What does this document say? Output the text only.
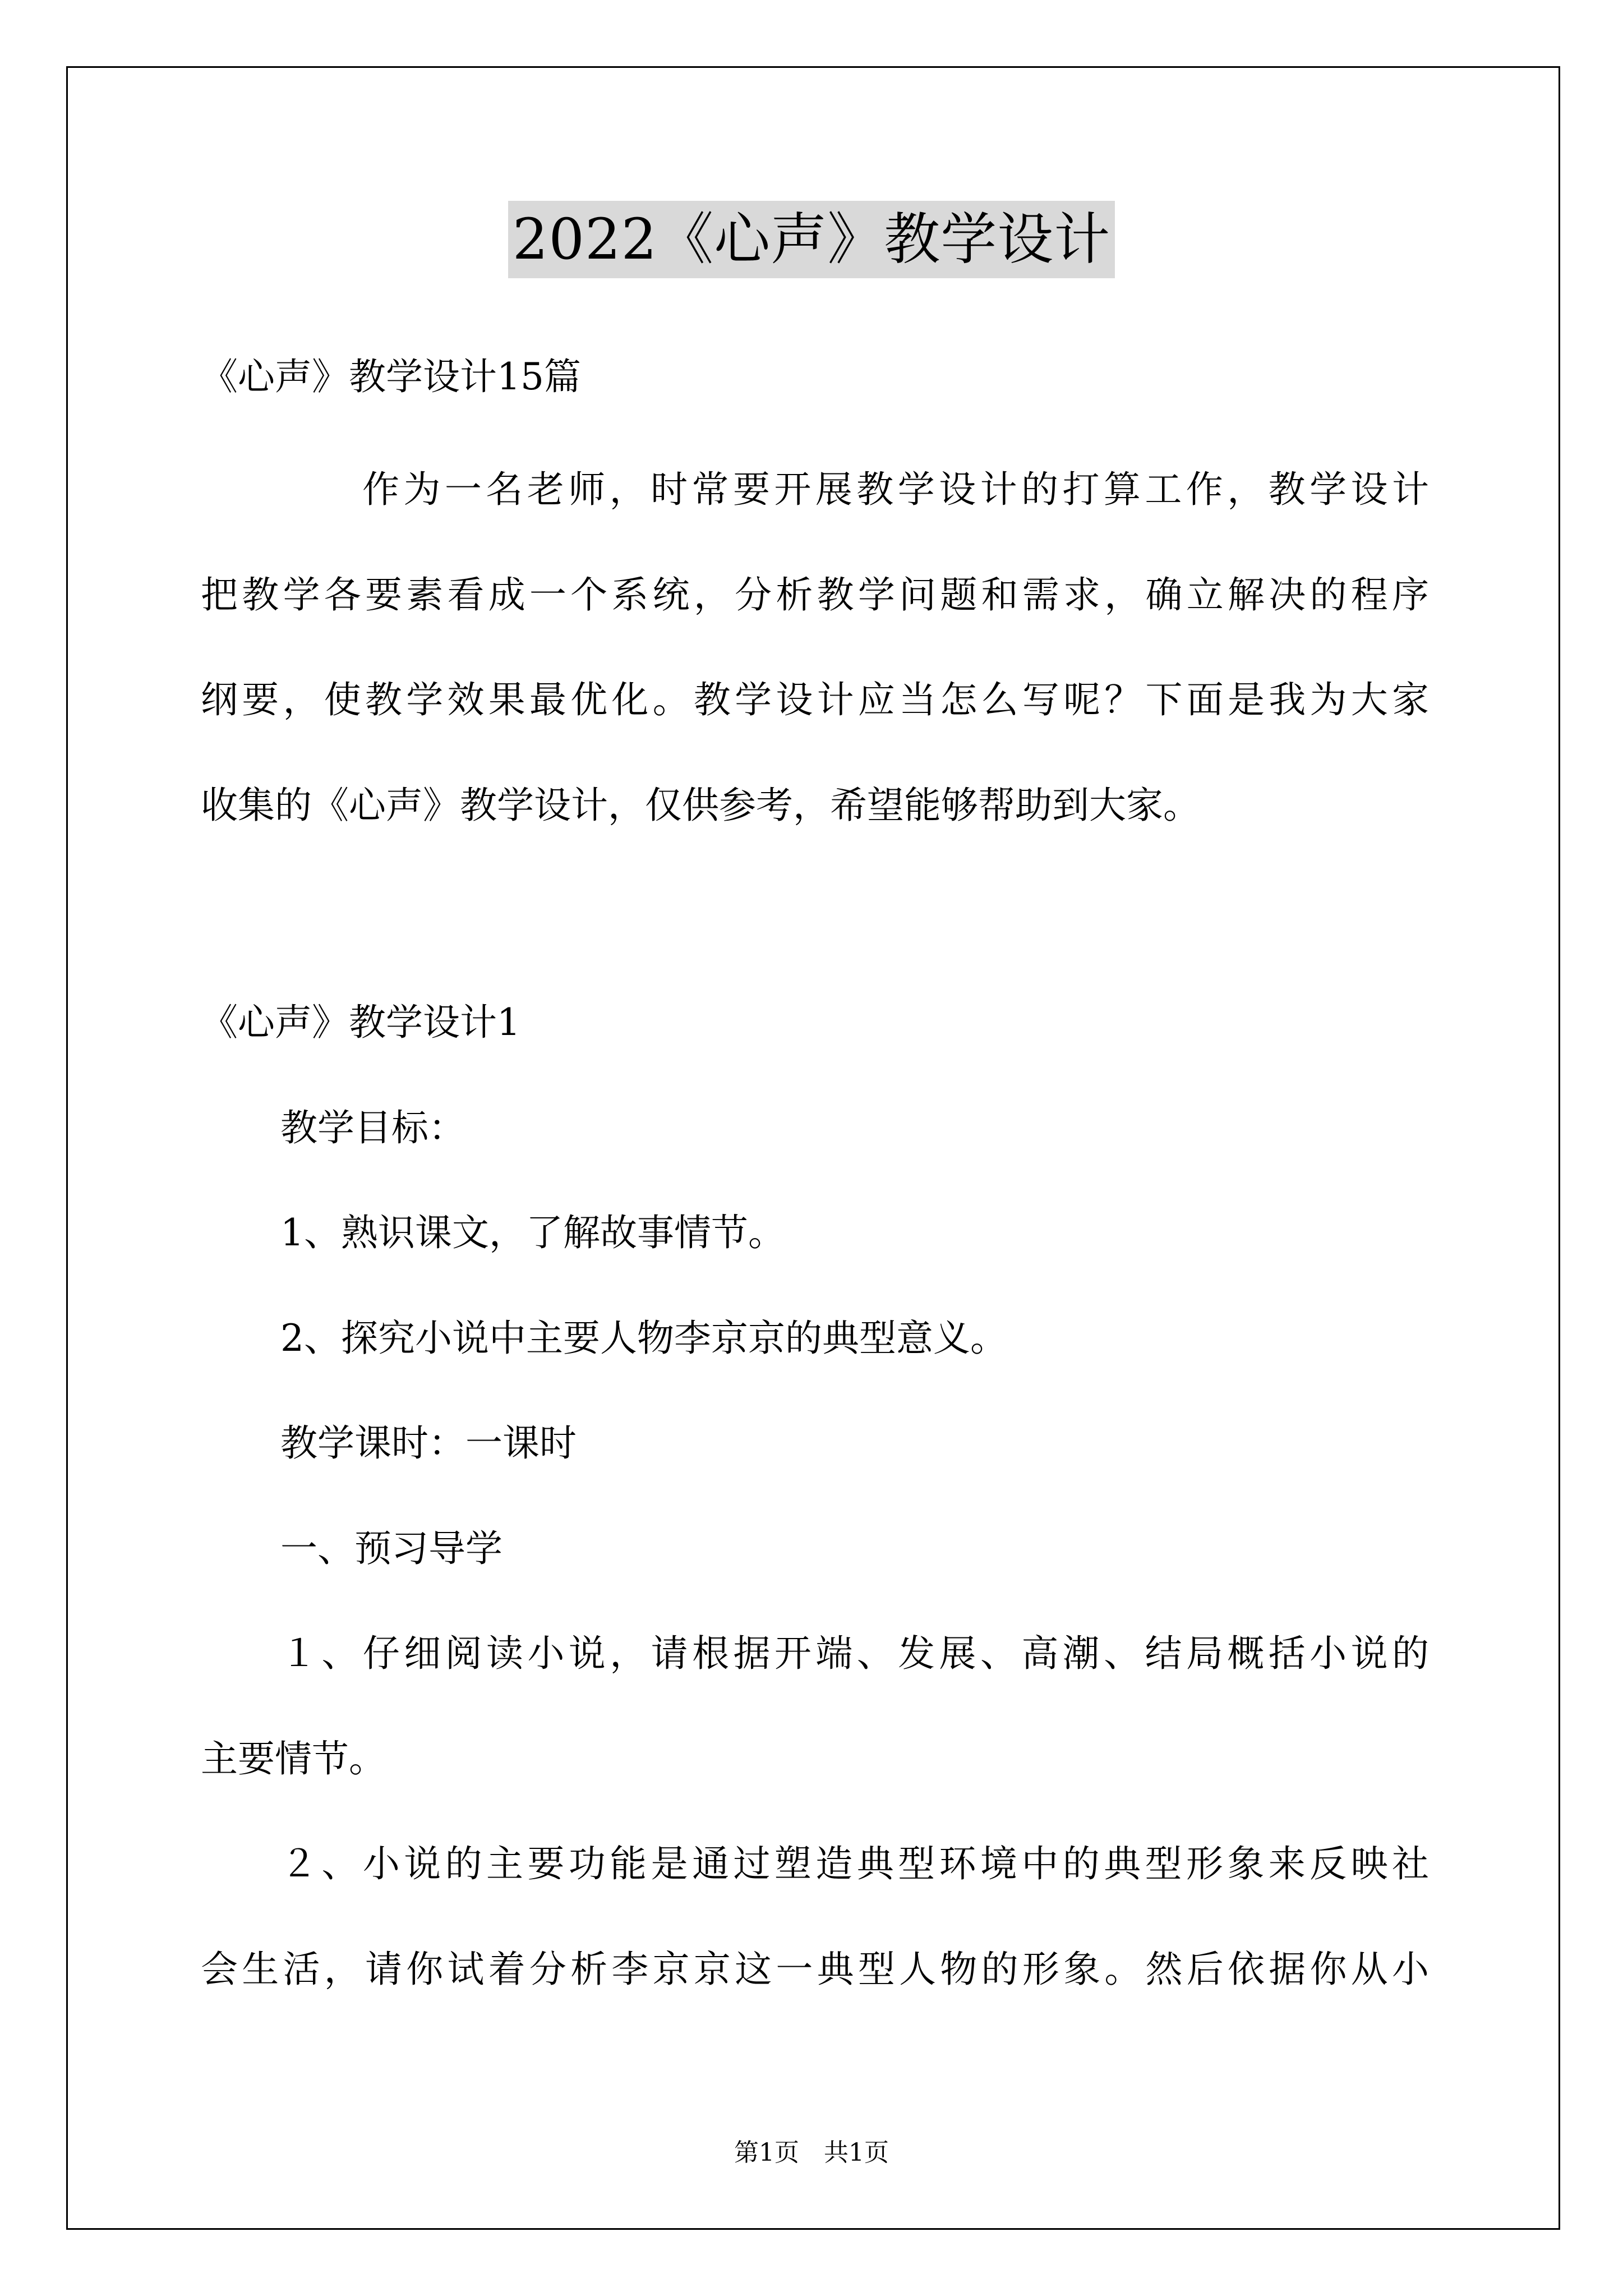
2022《心声》教学设计
《心声》教学设计15篇
作为一名老师，时常要开展教学设计的打算工作，教学设计
把教学各要素看成一个系统，分析教学问题和需求，确立解决的程序
纲要，使教学效果最优化。教学设计应当怎么写呢？下面是我为大家
收集的《心声》教学设计，仅供参考，希望能够帮助到大家。
《心声》教学设计1
教学目标：
1、熟识课文，了解故事情节。
2、探究小说中主要人物李京京的典型意义。
教学课时：一课时
一、预习导学
１、仔细阅读小说，请根据开端、发展、高潮、结局概括小说的
主要情节。
２、小说的主要功能是通过塑造典型环境中的典型形象来反映社
会生活，请你试着分析李京京这一典型人物的形象。然后依据你从小
第1页　共1页
